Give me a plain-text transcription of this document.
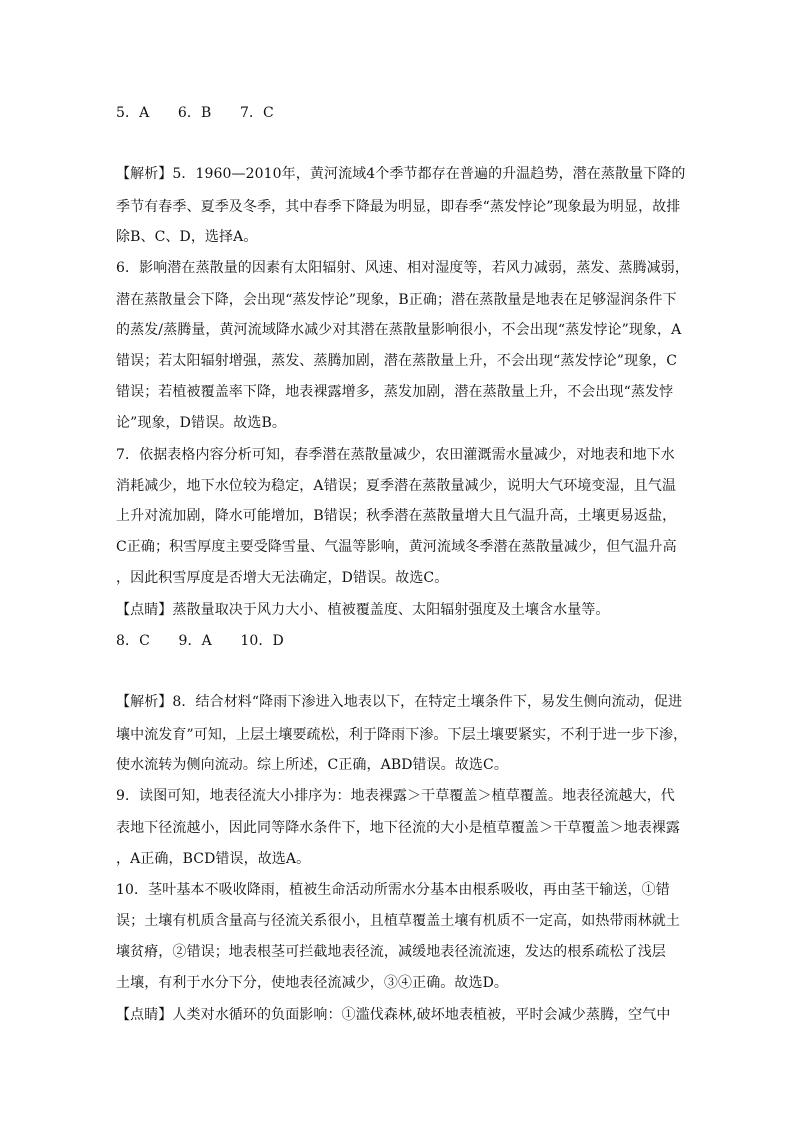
5．A 6．B 7．C
【解析】5．1960—2010年，黄河流域4个季节都存在普遍的升温趋势，潜在蒸散量下降的
季节有春季、夏季及冬季，其中春季下降最为明显，即春季“蒸发悖论”现象最为明显，故排
除B、C、D，选择A。
6．影响潜在蒸散量的因素有太阳辐射、风速、相对湿度等，若风力减弱，蒸发、蒸腾减弱，
潜在蒸散量会下降，会出现“蒸发悖论”现象，B正确；潜在蒸散量是地表在足够湿润条件下
的蒸发/蒸腾量，黄河流域降水减少对其潜在蒸散量影响很小，不会出现“蒸发悖论”现象，A
错误；若太阳辐射增强，蒸发、蒸腾加剧，潜在蒸散量上升，不会出现“蒸发悖论”现象，C
错误；若植被覆盖率下降，地表裸露增多，蒸发加剧，潜在蒸散量上升，不会出现“蒸发悖
论”现象，D错误。故选B。
7．依据表格内容分析可知，春季潜在蒸散量减少，农田灌溉需水量减少，对地表和地下水
消耗减少，地下水位较为稳定，A错误；夏季潜在蒸散量减少，说明大气环境变湿，且气温
上升对流加剧，降水可能增加，B错误；秋季潜在蒸散量增大且气温升高，土壤更易返盐，
C正确；积雪厚度主要受降雪量、气温等影响，黄河流域冬季潜在蒸散量减少，但气温升高
，因此积雪厚度是否增大无法确定，D错误。故选C。
【点睛】蒸散量取决于风力大小、植被覆盖度、太阳辐射强度及土壤含水量等。
8．C 9．A 10．D
【解析】8．结合材料“降雨下渗进入地表以下，在特定土壤条件下，易发生侧向流动，促进
壤中流发育”可知，上层土壤要疏松，利于降雨下渗。下层土壤要紧实，不利于进一步下渗，
使水流转为侧向流动。综上所述，C正确，ABD错误。故选C。
9．读图可知，地表径流大小排序为：地表裸露＞干草覆盖＞植草覆盖。地表径流越大，代
表地下径流越小，因此同等降水条件下，地下径流的大小是植草覆盖＞干草覆盖＞地表裸露
，A正确，BCD错误，故选A。
10．茎叶基本不吸收降雨，植被生命活动所需水分基本由根系吸收，再由茎干输送，①错
误；土壤有机质含量高与径流关系很小，且植草覆盖土壤有机质不一定高，如热带雨林就土
壤贫瘠，②错误；地表根茎可拦截地表径流，减缓地表径流流速，发达的根系疏松了浅层
土壤，有利于水分下分，使地表径流减少，③④正确。故选D。
【点睛】人类对水循环的负面影响：①滥伐森林,破坏地表植被，平时会减少蒸腾，空气中
